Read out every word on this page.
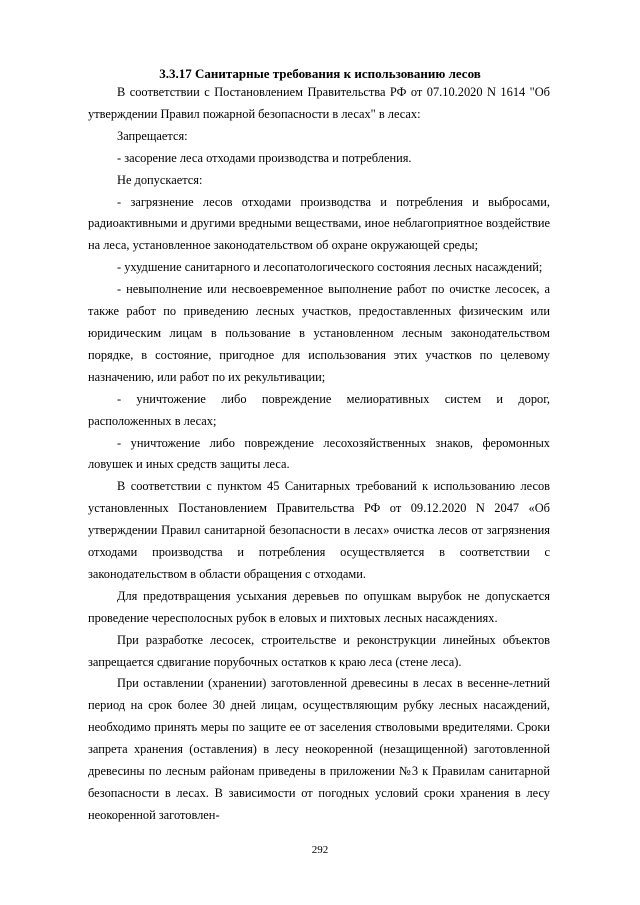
3.3.17 Санитарные требования к использованию лесов

В соответствии с Постановлением Правительства РФ от 07.10.2020 N 1614 "Об утверждении Правил пожарной безопасности в лесах" в лесах:

Запрещается:

- засорение леса отходами производства и потребления.

Не допускается:

- загрязнение лесов отходами производства и потребления и выбросами, радиоактивными и другими вредными веществами, иное неблагоприятное воздействие на леса, установленное законодательством об охране окружающей среды;

- ухудшение санитарного и лесопатологического состояния лесных насаждений;

- невыполнение или несвоевременное выполнение работ по очистке лесосек, а также работ по приведению лесных участков, предоставленных физическим или юридическим лицам в пользование в установленном лесным законодательством порядке, в состояние, пригодное для использования этих участков по целевому назначению, или работ по их рекультивации;

- уничтожение либо повреждение мелиоративных систем и дорог, расположенных в лесах;

- уничтожение либо повреждение лесохозяйственных знаков, феромонных ловушек и иных средств защиты леса.

В соответствии с пунктом 45 Санитарных требований к использованию лесов установленных Постановлением Правительства РФ от 09.12.2020 N 2047 «Об утверждении Правил санитарной безопасности в лесах» очистка лесов от загрязнения отходами производства и потребления осуществляется в соответствии с законодательством в области обращения с отходами.

Для предотвращения усыхания деревьев по опушкам вырубок не допускается проведение чересполосных рубок в еловых и пихтовых лесных насаждениях.

При разработке лесосек, строительстве и реконструкции линейных объектов запрещается сдвигание порубочных остатков к краю леса (стене леса).

При оставлении (хранении) заготовленной древесины в лесах в весенне-летний период на срок более 30 дней лицам, осуществляющим рубку лесных насаждений, необходимо принять меры по защите ее от заселения стволовыми вредителями. Сроки запрета хранения (оставления) в лесу неокоренной (незащищенной) заготовленной древесины по лесным районам приведены в приложении №3 к Правилам санитарной безопасности в лесах. В зависимости от погодных условий сроки хранения в лесу неокоренной заготовлен-

292
